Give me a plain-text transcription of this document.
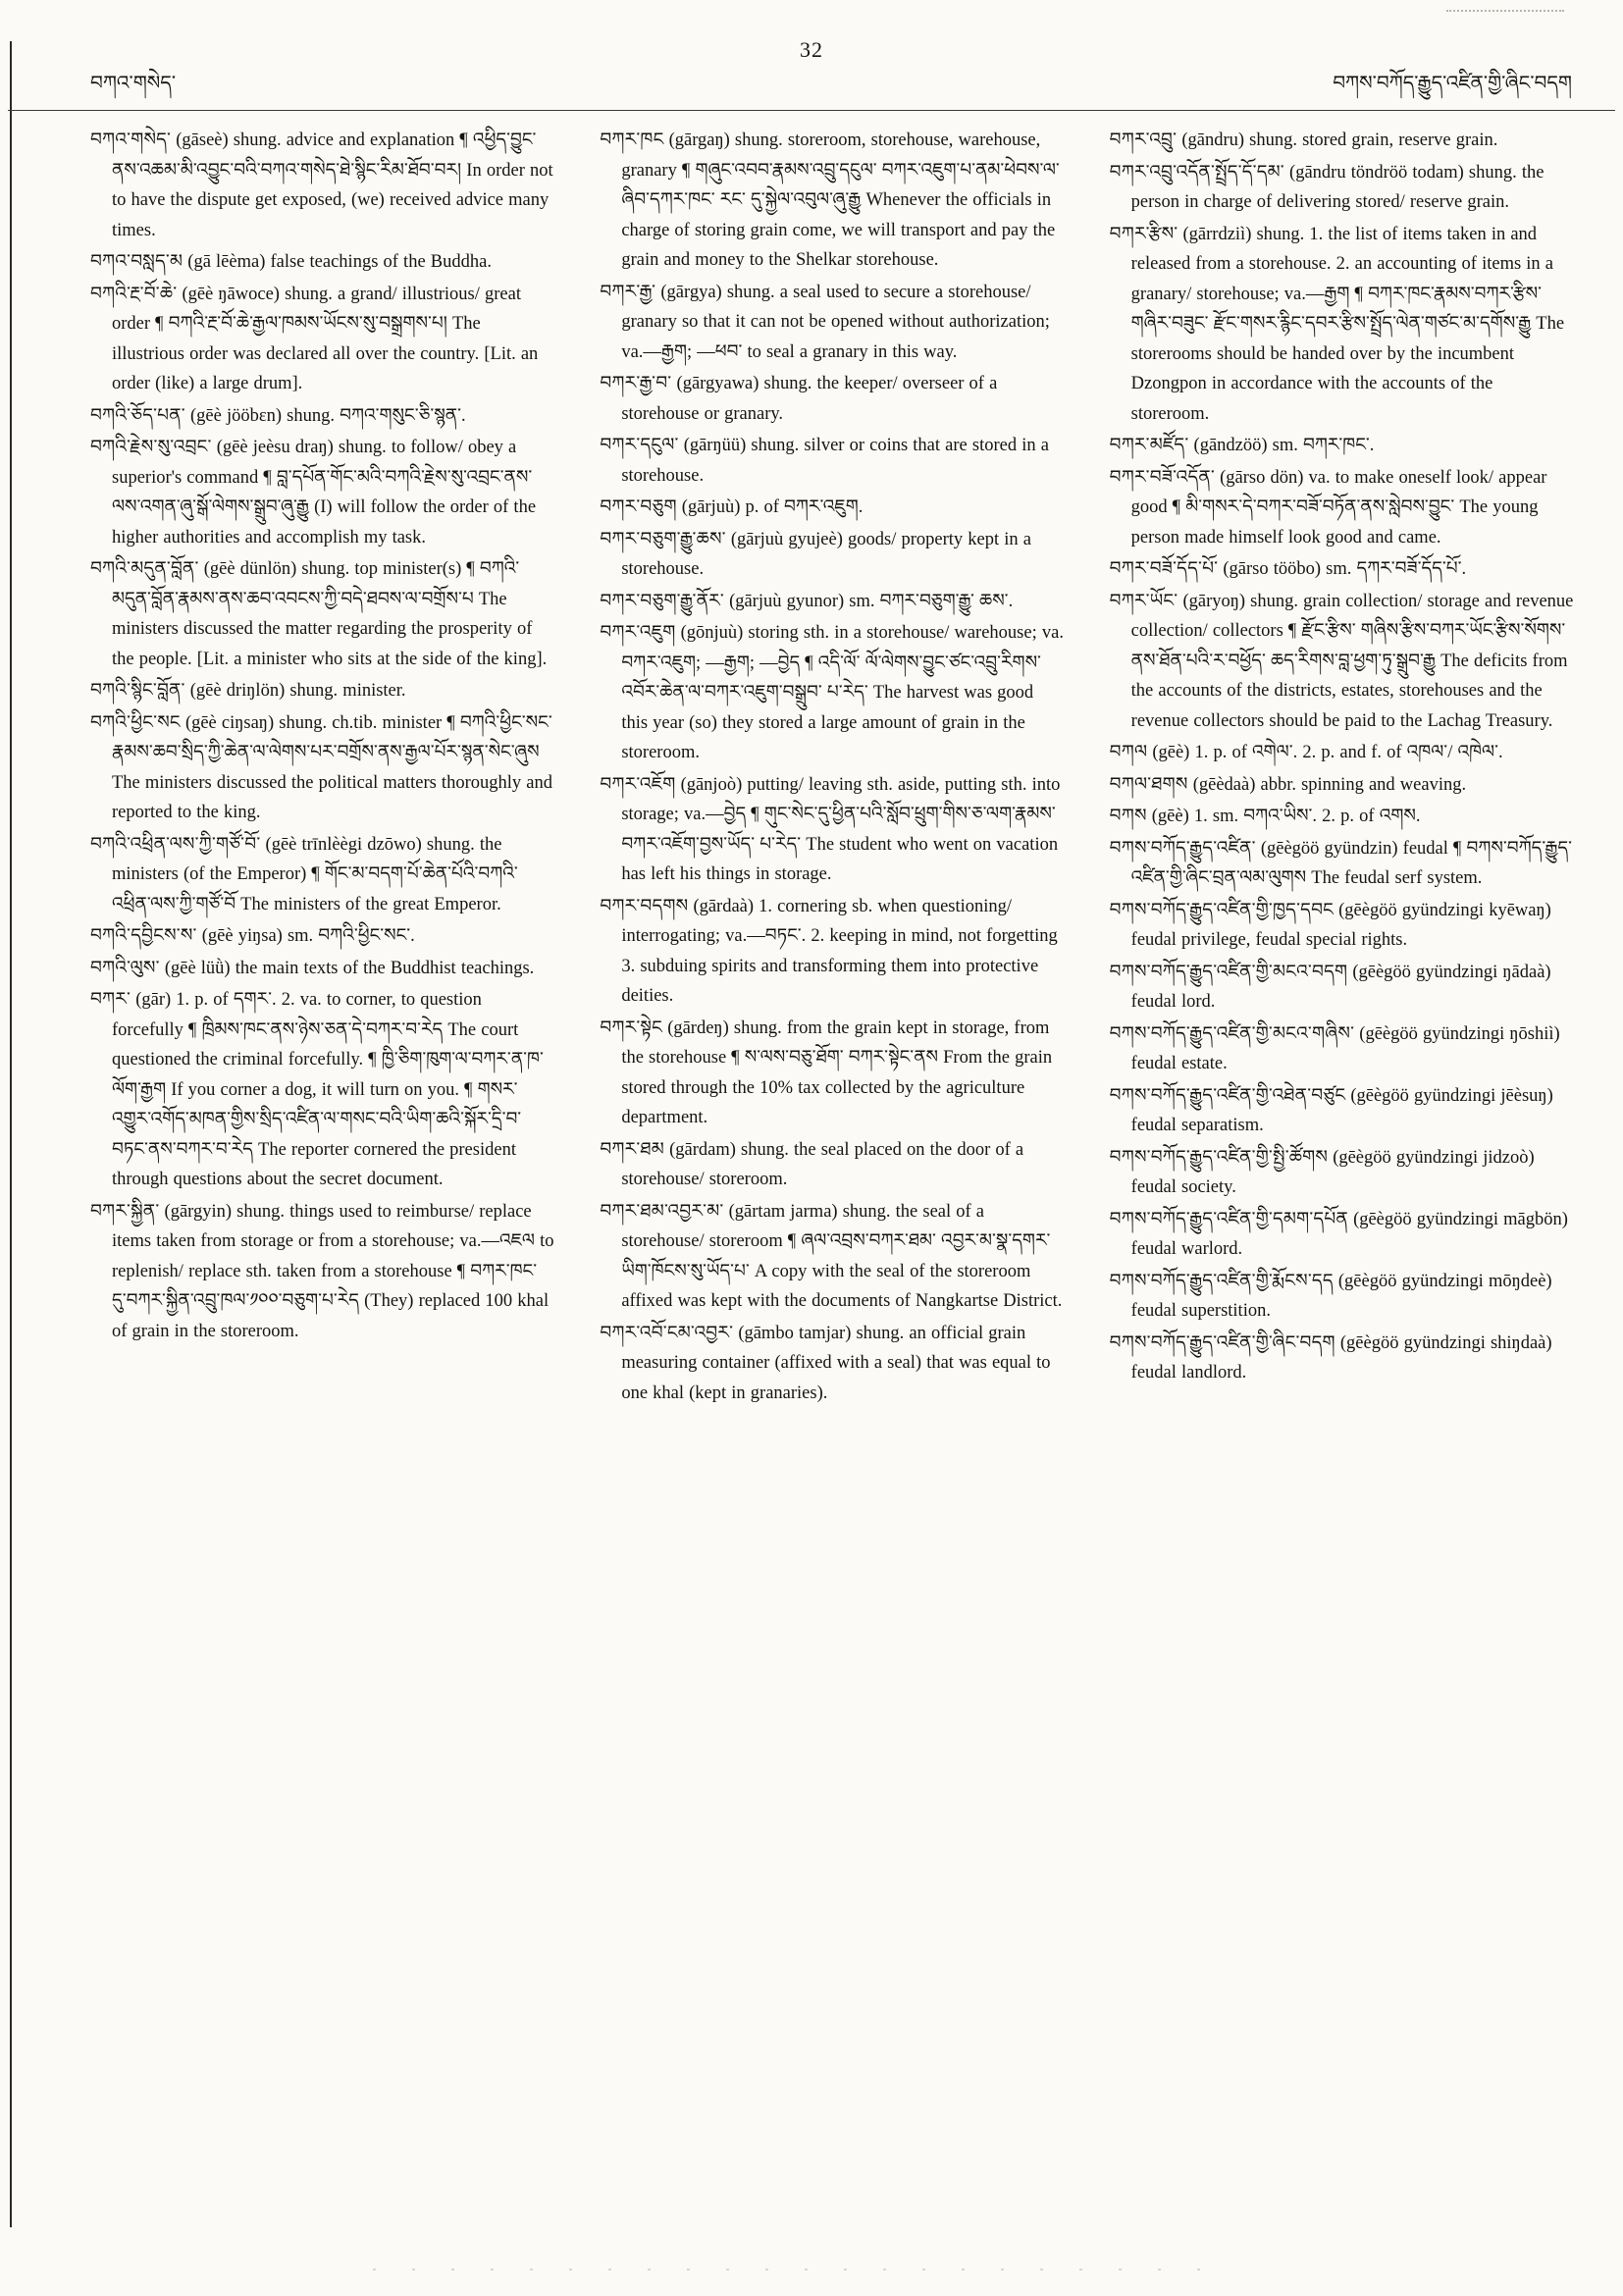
32
བཀའ་གསེད་	བཀས་བཀོད་རྒྱུད་འཛིན་གྱི་ཞིང་བདག

བཀའ་གསེད་ (gāseè) shung. advice and explanation ¶ འཕྱིད་བྱུང་ནས་འཆམ་མི་འབྱུང་བའི་བཀའ་གསེད་ཐེ་སྙིང་རིམ་ཐོབ་བར། In order not to have the dispute get exposed, (we) received advice many times.

བཀའ་བསླད་མ (gā lēèma) false teachings of the Buddha.

བཀའི་རྔ་བོ་ཆེ་ (gēè ŋāwoce) shung. a grand/ illustrious/ great order ¶ བཀའི་རྔ་བོ་ཆེ་རྒྱལ་ཁམས་ཡོངས་སུ་བསྒྲགས་པ། The illustrious order was declared all over the country. [Lit. an order (like) a large drum].

བཀའི་ཅོད་པན་ (gēè jööbɛn) shung. བཀའ་གསུང་ཅི་སྙན་.

བཀའི་རྗེས་སུ་འབྲང་ (gēè jeèsu draŋ) shung. to follow/ obey a superior's command ¶ བླ་དཔོན་གོང་མའི་བཀའི་རྗེས་སུ་འབྲང་ནས་ལས་འགན་ཞུ་སྒོ་ལེགས་སྒྲུབ་ཞུ་རྒྱུ (I) will follow the order of the higher authorities and accomplish my task.

བཀའི་མདུན་བློན་ (gēè dünlön) shung. top minister(s) ¶ བཀའི་མདུན་བློན་རྣམས་ནས་ཆབ་འབངས་ཀྱི་བདེ་ཐབས་ལ་བགྲོས་པ The ministers discussed the matter regarding the prosperity of the people. [Lit. a minister who sits at the side of the king].

བཀའི་སྙིང་བློན་ (gēè driŋlön) shung. minister.

བཀའི་ཕྱིང་སང (gēè ciŋsaŋ) shung. ch.tib. minister ¶ བཀའི་ཕྱིང་སང་རྣམས་ཆབ་སྲིད་ཀྱི་ཆེན་ལ་ལེགས་པར་བགྲོས་ནས་རྒྱལ་པོར་སྙན་སེང་ཞུས The ministers discussed the political matters thoroughly and reported to the king.

བཀའི་འཕྲིན་ལས་ཀྱི་གཙོ་བོ་ (gēè trīnlèègi dzōwo) shung. the ministers (of the Emperor) ¶ གོང་མ་བདག་པོ་ཆེན་པོའི་བཀའི་འཕྲིན་ལས་ཀྱི་གཙོ་བོ The ministers of the great Emperor.

བཀའི་དབྱིངས་ས་ (gēè yiŋsa) sm. བཀའི་ཕྱིང་སང་.

བཀའི་ལུས་ (gēè lüǜ) the main texts of the Buddhist teachings.

བཀར་ (gār) 1. p. of དགར་. 2. va. to corner, to question forcefully ¶ ཁྲིམས་ཁང་ནས་ཉེས་ཅན་དེ་བཀར་བ་རེད The court questioned the criminal forcefully. ¶ ཁྱི་ཅིག་ཁུག་ལ་བཀར་ན་ཁ་ལོག་རྒྱག If you corner a dog, it will turn on you. ¶ གསར་འགྱུར་འགོད་མཁན་གྱིས་སྲིད་འཛིན་ལ་གསང་བའི་ཡིག་ཆའི་སྐོར་དྲི་བ་བཏང་ནས་བཀར་བ་རེད The reporter cornered the president through questions about the secret document.

བཀར་སྐྱིན་ (gārgyin) shung. things used to reimburse/ replace items taken from storage or from a storehouse; va.—འཇལ to replenish/ replace sth. taken from a storehouse ¶ བཀར་ཁང་ དུ་བཀར་སྐྱིན་འབྲུ་ཁལ་༡༠༠་བཅུག་པ་རེད (They) replaced 100 khal of grain in the storeroom.

བཀར་ཁང (gārgaŋ) shung. storeroom, storehouse, warehouse, granary ¶ གཞུང་འབབ་རྣམས་འབྲུ་དངུལ་ བཀར་འཇུག་པ་ནམ་ཕེབས་ལ་ཞིབ་དཀར་ཁང་ རང་ དུ་སྐྱེལ་འབུལ་ཞུ་རྒྱུ Whenever the officials in charge of storing grain come, we will transport and pay the grain and money to the Shelkar storehouse.

བཀར་རྒྱ་ (gārgya) shung. a seal used to secure a storehouse/ granary so that it can not be opened without authorization; va.—རྒྱག; —ཕབ་ to seal a granary in this way.

བཀར་རྒྱ་བ་ (gārgyawa) shung. the keeper/ overseer of a storehouse or granary.

བཀར་དངུལ་ (gārŋüü) shung. silver or coins that are stored in a storehouse.

བཀར་བཅུག (gārjuù) p. of བཀར་འཇུག.

བཀར་བཅུག་རྒྱུ་ཆས་ (gārjuù gyujeè) goods/ property kept in a storehouse.

བཀར་བཅུག་རྒྱུ་ནོར་ (gārjuù gyunor) sm. བཀར་བཅུག་རྒྱུ་ ཆས་.

བཀར་འཇུག (gōnjuù) storing sth. in a storehouse/ warehouse; va. བཀར་འཇུག; —རྒྱག; —བྱེད ¶ འདི་ལོ་ ལོ་ལེགས་བྱུང་ཙང་འབྲུ་རིགས་འབོར་ཆེན་ལ་བཀར་འཇུག་བསྒྲུབ་ པ་རེད་ The harvest was good this year (so) they stored a large amount of grain in the storeroom.

བཀར་འཇོག (gānjoò) putting/ leaving sth. aside, putting sth. into storage; va.—བྱེད ¶ གུང་སེང་དུ་ཕྱིན་པའི་སློབ་ཕྲུག་གིས་ཅ་ལག་རྣམས་བཀར་འཇོག་བྱས་ཡོད་ པ་རེད་ The student who went on vacation has left his things in storage.

བཀར་བདགས (gārdaà) 1. cornering sb. when questioning/ interrogating; va.—བཏང་. 2. keeping in mind, not forgetting 3. subduing spirits and transforming them into protective deities.

བཀར་སྟེང (gārdeŋ) shung. from the grain kept in storage, from the storehouse ¶ ས་ལས་བཅུ་ཐོག་ བཀར་སྟེང་ནས From the grain stored through the 10% tax collected by the agriculture department.

བཀར་ཐམ (gārdam) shung. the seal placed on the door of a storehouse/ storeroom.

བཀར་ཐམ་འབྱར་མ་ (gārtam jarma) shung. the seal of a storehouse/ storeroom ¶ ཞལ་འབྲས་བཀར་ཐམ་ འབྱར་མ་སྣ་དགར་ཡིག་ཁོངས་སུ་ཡོད་པ་ A copy with the seal of the storeroom affixed was kept with the documents of Nangkartse District.

བཀར་འབོ་ངམ་འབྱར་ (gāmbo tamjar) shung. an official grain measuring container (affixed with a seal) that was equal to one khal (kept in granaries).

བཀར་འབྲུ་ (gāndru) shung. stored grain, reserve grain.

བཀར་འབྲུ་འདོན་སྤྲོད་དོ་དམ་ (gāndru töndröö todam) shung. the person in charge of delivering stored/ reserve grain.

བཀར་རྩིས་ (gārrdziì) shung. 1. the list of items taken in and released from a storehouse. 2. an accounting of items in a granary/ storehouse; va.—རྒྱག ¶ བཀར་ཁང་རྣམས་བཀར་རྩིས་གཞིར་བཟུང་ རྫོང་གསར་རྙིང་དབར་རྩིས་སྤྲོད་ལེན་གཙང་མ་དགོས་རྒྱུ The storerooms should be handed over by the incumbent Dzongpon in accordance with the accounts of the storeroom.

བཀར་མཛོད་ (gāndzöö) sm. བཀར་ཁང་.

བཀར་བཟོ་འདོན་ (gārso dön) va. to make oneself look/ appear good ¶ མི་གསར་དེ་བཀར་བཟོ་བཏོན་ནས་སླེབས་བྱུང་ The young person made himself look good and came.

བཀར་བཟོ་དོད་པོ་ (gārso tööbo) sm. དཀར་བཟོ་དོད་པོ་.

བཀར་ཡོང་ (gāryoŋ) shung. grain collection/ storage and revenue collection/ collectors ¶ རྫོང་རྩིས་ གཞིས་རྩིས་བཀར་ཡོང་རྩིས་སོགས་ནས་ཐོན་པའི་ར་བཕྱོད་ ཆད་རིགས་བླ་ཕྱག་ཏུ་སྒྲུབ་རྒྱུ The deficits from the accounts of the districts, estates, storehouses and the revenue collectors should be paid to the Lachag Treasury.

བཀལ (gēè) 1. p. of འགེལ་. 2. p. and f. of འཁལ་/ འཁེལ་.

བཀལ་ཐགས (gēèdaà) abbr. spinning and weaving.

བཀས (gēè) 1. sm. བཀའ་ཡིས་. 2. p. of འགས.

བཀས་བཀོད་རྒྱུད་འཛིན་ (gēègöö gyündzin) feudal ¶ བཀས་བཀོད་རྒྱུད་འཛིན་གྱི་ཞིང་བྲན་ལམ་ལུགས The feudal serf system.

བཀས་བཀོད་རྒྱུད་འཛིན་གྱི་ཁྱད་དབང (gēègöö gyündzingi kyēwaŋ) feudal privilege, feudal special rights.

བཀས་བཀོད་རྒྱུད་འཛིན་གྱི་མངའ་བདག (gēègöö gyündzingi ŋādaà) feudal lord.

བཀས་བཀོད་རྒྱུད་འཛིན་གྱི་མངའ་གཞིས་ (gēègöö gyündzingi ŋōshiì) feudal estate.

བཀས་བཀོད་རྒྱུད་འཛིན་གྱི་འཐེན་བཙུང (gēègöö gyündzingi jēèsuŋ) feudal separatism.

བཀས་བཀོད་རྒྱུད་འཛིན་གྱི་སྤྱི་ཚོགས (gēègöö gyündzingi jidzoò) feudal society.

བཀས་བཀོད་རྒྱུད་འཛིན་གྱི་དམག་དཔོན (gēègöö gyündzingi māgbön) feudal warlord.

བཀས་བཀོད་རྒྱུད་འཛིན་གྱི་རྨོངས་དད (gēègöö gyündzingi mōŋdeè) feudal superstition.

བཀས་བཀོད་རྒྱུད་འཛིན་གྱི་ཞིང་བདག (gēègöö gyündzingi shiŋdaà) feudal landlord.
